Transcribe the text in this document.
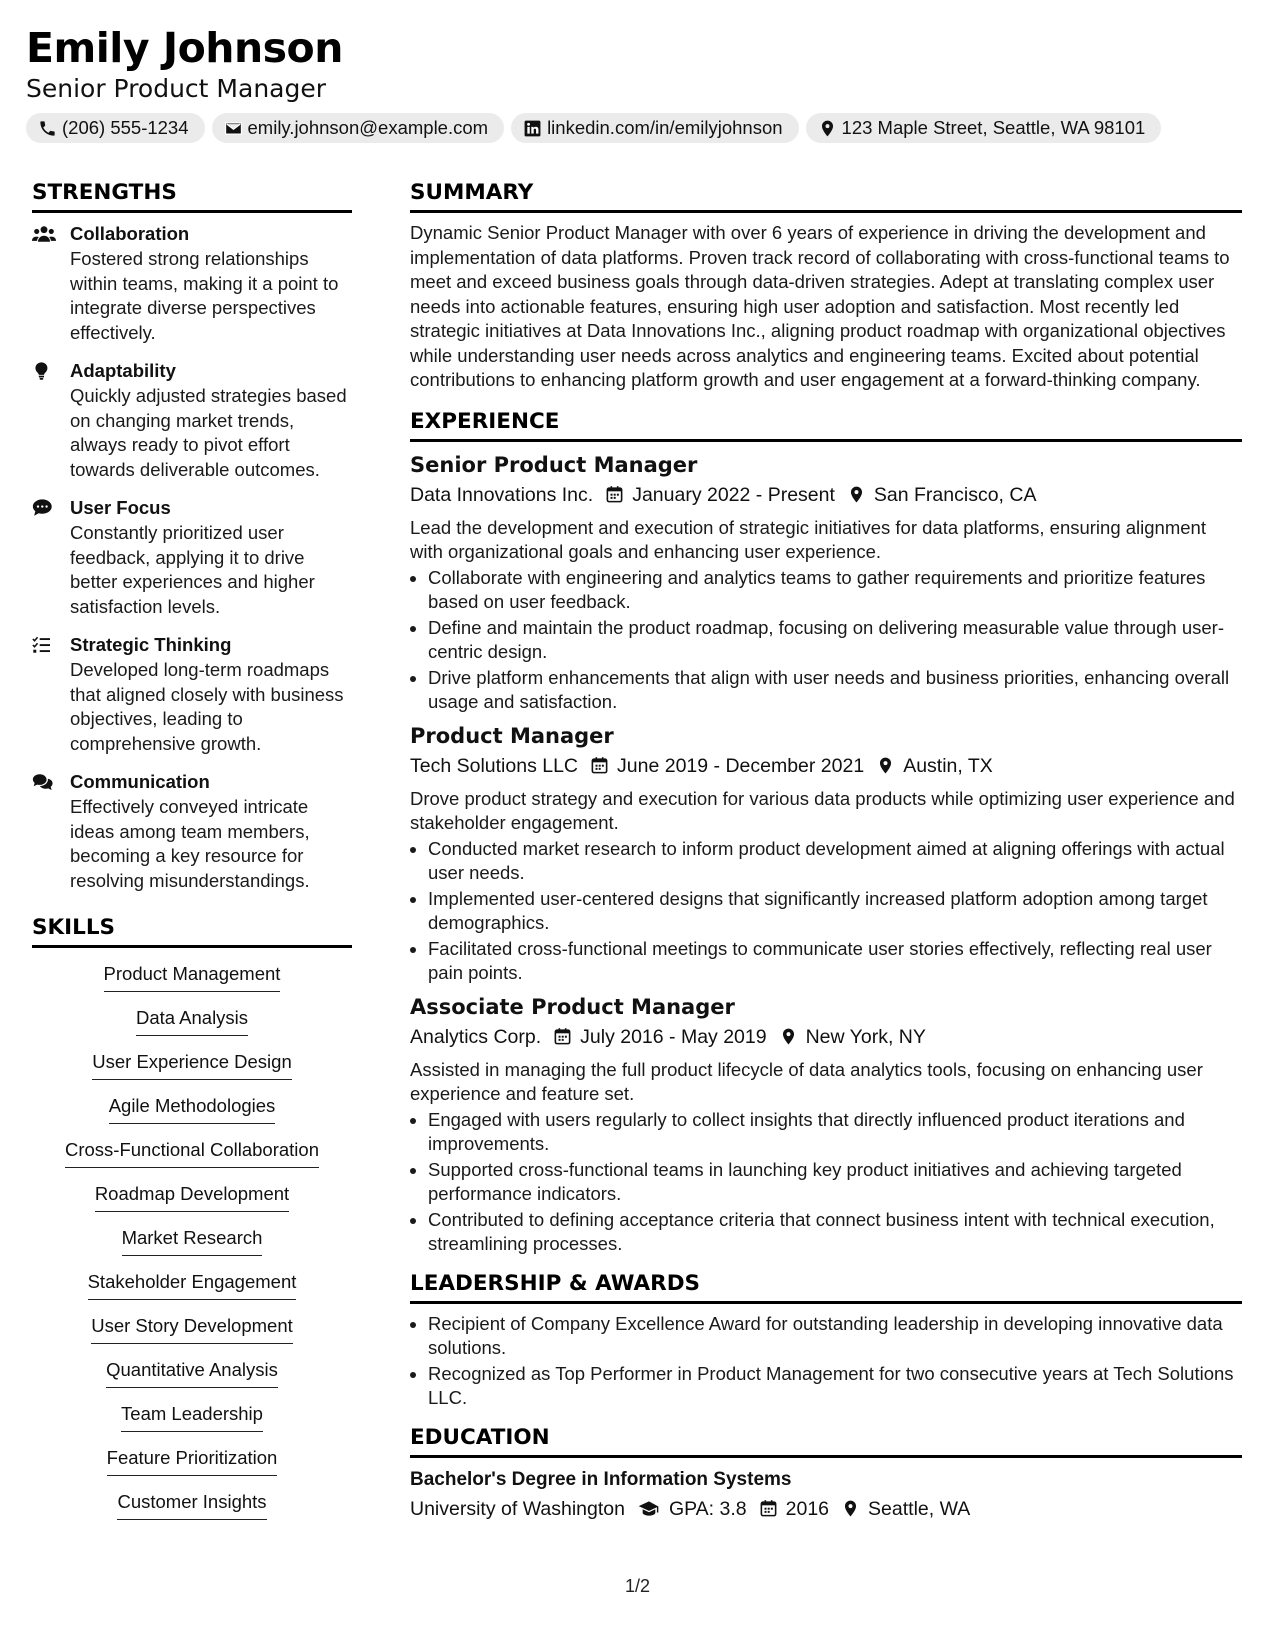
Emily Johnson
Senior Product Manager
(206) 555-1234	emily.johnson@example.com	linkedin.com/in/emilyjohnson	123 Maple Street, Seattle, WA 98101
STRENGTHS
Collaboration
Fostered strong relationships within teams, making it a point to integrate diverse perspectives effectively.
Adaptability
Quickly adjusted strategies based on changing market trends, always ready to pivot effort towards deliverable outcomes.
User Focus
Constantly prioritized user feedback, applying it to drive better experiences and higher satisfaction levels.
Strategic Thinking
Developed long-term roadmaps that aligned closely with business objectives, leading to comprehensive growth.
Communication
Effectively conveyed intricate ideas among team members, becoming a key resource for resolving misunderstandings.
SKILLS
Product Management
Data Analysis
User Experience Design
Agile Methodologies
Cross-Functional Collaboration
Roadmap Development
Market Research
Stakeholder Engagement
User Story Development
Quantitative Analysis
Team Leadership
Feature Prioritization
Customer Insights
SUMMARY
Dynamic Senior Product Manager with over 6 years of experience in driving the development and implementation of data platforms. Proven track record of collaborating with cross-functional teams to meet and exceed business goals through data-driven strategies. Adept at translating complex user needs into actionable features, ensuring high user adoption and satisfaction. Most recently led strategic initiatives at Data Innovations Inc., aligning product roadmap with organizational objectives while understanding user needs across analytics and engineering teams. Excited about potential contributions to enhancing platform growth and user engagement at a forward-thinking company.
EXPERIENCE
Senior Product Manager
Data Innovations Inc. January 2022 - Present San Francisco, CA
Lead the development and execution of strategic initiatives for data platforms, ensuring alignment with organizational goals and enhancing user experience.
• Collaborate with engineering and analytics teams to gather requirements and prioritize features based on user feedback.
• Define and maintain the product roadmap, focusing on delivering measurable value through user-centric design.
• Drive platform enhancements that align with user needs and business priorities, enhancing overall usage and satisfaction.
Product Manager
Tech Solutions LLC June 2019 - December 2021 Austin, TX
Drove product strategy and execution for various data products while optimizing user experience and stakeholder engagement.
• Conducted market research to inform product development aimed at aligning offerings with actual user needs.
• Implemented user-centered designs that significantly increased platform adoption among target demographics.
• Facilitated cross-functional meetings to communicate user stories effectively, reflecting real user pain points.
Associate Product Manager
Analytics Corp. July 2016 - May 2019 New York, NY
Assisted in managing the full product lifecycle of data analytics tools, focusing on enhancing user experience and feature set.
• Engaged with users regularly to collect insights that directly influenced product iterations and improvements.
• Supported cross-functional teams in launching key product initiatives and achieving targeted performance indicators.
• Contributed to defining acceptance criteria that connect business intent with technical execution, streamlining processes.
LEADERSHIP & AWARDS
• Recipient of Company Excellence Award for outstanding leadership in developing innovative data solutions.
• Recognized as Top Performer in Product Management for two consecutive years at Tech Solutions LLC.
EDUCATION
Bachelor's Degree in Information Systems
University of Washington GPA: 3.8 2016 Seattle, WA
1/2
